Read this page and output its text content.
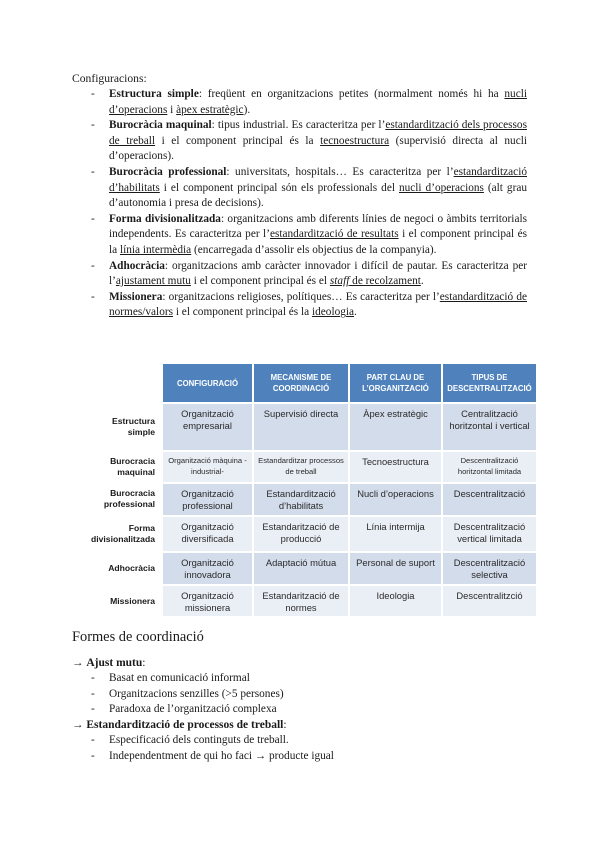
Configuracions:
- Estructura simple: freqüent en organitzacions petites (normalment només hi ha nucli d’operacions i àpex estratègic).
- Burocràcia maquinal: tipus industrial. Es caracteritza per l’estandardització dels processos de treball i el component principal és la tecnoestructura (supervisió directa al nucli d’operacions).
- Burocràcia professional: universitats, hospitals… Es caracteritza per l’estandardització d’habilitats i el component principal són els professionals del nucli d’operacions (alt grau d’autonomia i presa de decisions).
- Forma divisionalitzada: organitzacions amb diferents línies de negoci o àmbits territorials independents. Es caracteritza per l’estandardització de resultats i el component principal és la línia intermèdia (encarregada d’assolir els objectius de la companyia).
- Adhocràcia: organitzacions amb caràcter innovador i difícil de pautar. Es caracteritza per l’ajustament mutu i el component principal és el staff de recolzament.
- Missionera: organitzacions religioses, polítiques… Es caracteritza per l’estandardització de normes/valors i el component principal és la ideologia.
	CONFIGURACIÓ	MECANISME DE COORDINACIÓ	PART CLAU DE L’ORGANITZACIÓ	TIPUS DE DESCENTRALITZACIÓ
Estructura simple	Organització empresarial	Supervisió directa	Àpex estratègic	Centralització horitzontal i vertical
Burocracia maquinal	Organització màquina -industrial-	Estandarditzar processos de treball	Tecnoestructura	Descentralització horitzontal limitada
Burocracia professional	Organització professional	Estandardització d’habilitats	Nucli d’operacions	Descentralització
Forma divisionalitzada	Organització diversificada	Estandarització de producció	Línia intermija	Descentralització vertical limitada
Adhocràcia	Organització innovadora	Adaptació mútua	Personal de suport	Descentralització selectiva
Missionera	Organització missionera	Estandarització de normes	Ideologia	Descentralitzció
Formes de coordinació
→ Ajust mutu:
- Basat en comunicació informal
- Organitzacions senzilles (>5 persones)
- Paradoxa de l’organització complexa
→ Estandardització de processos de treball:
- Especificació dels continguts de treball.
- Independentment de qui ho faci → producte igual
